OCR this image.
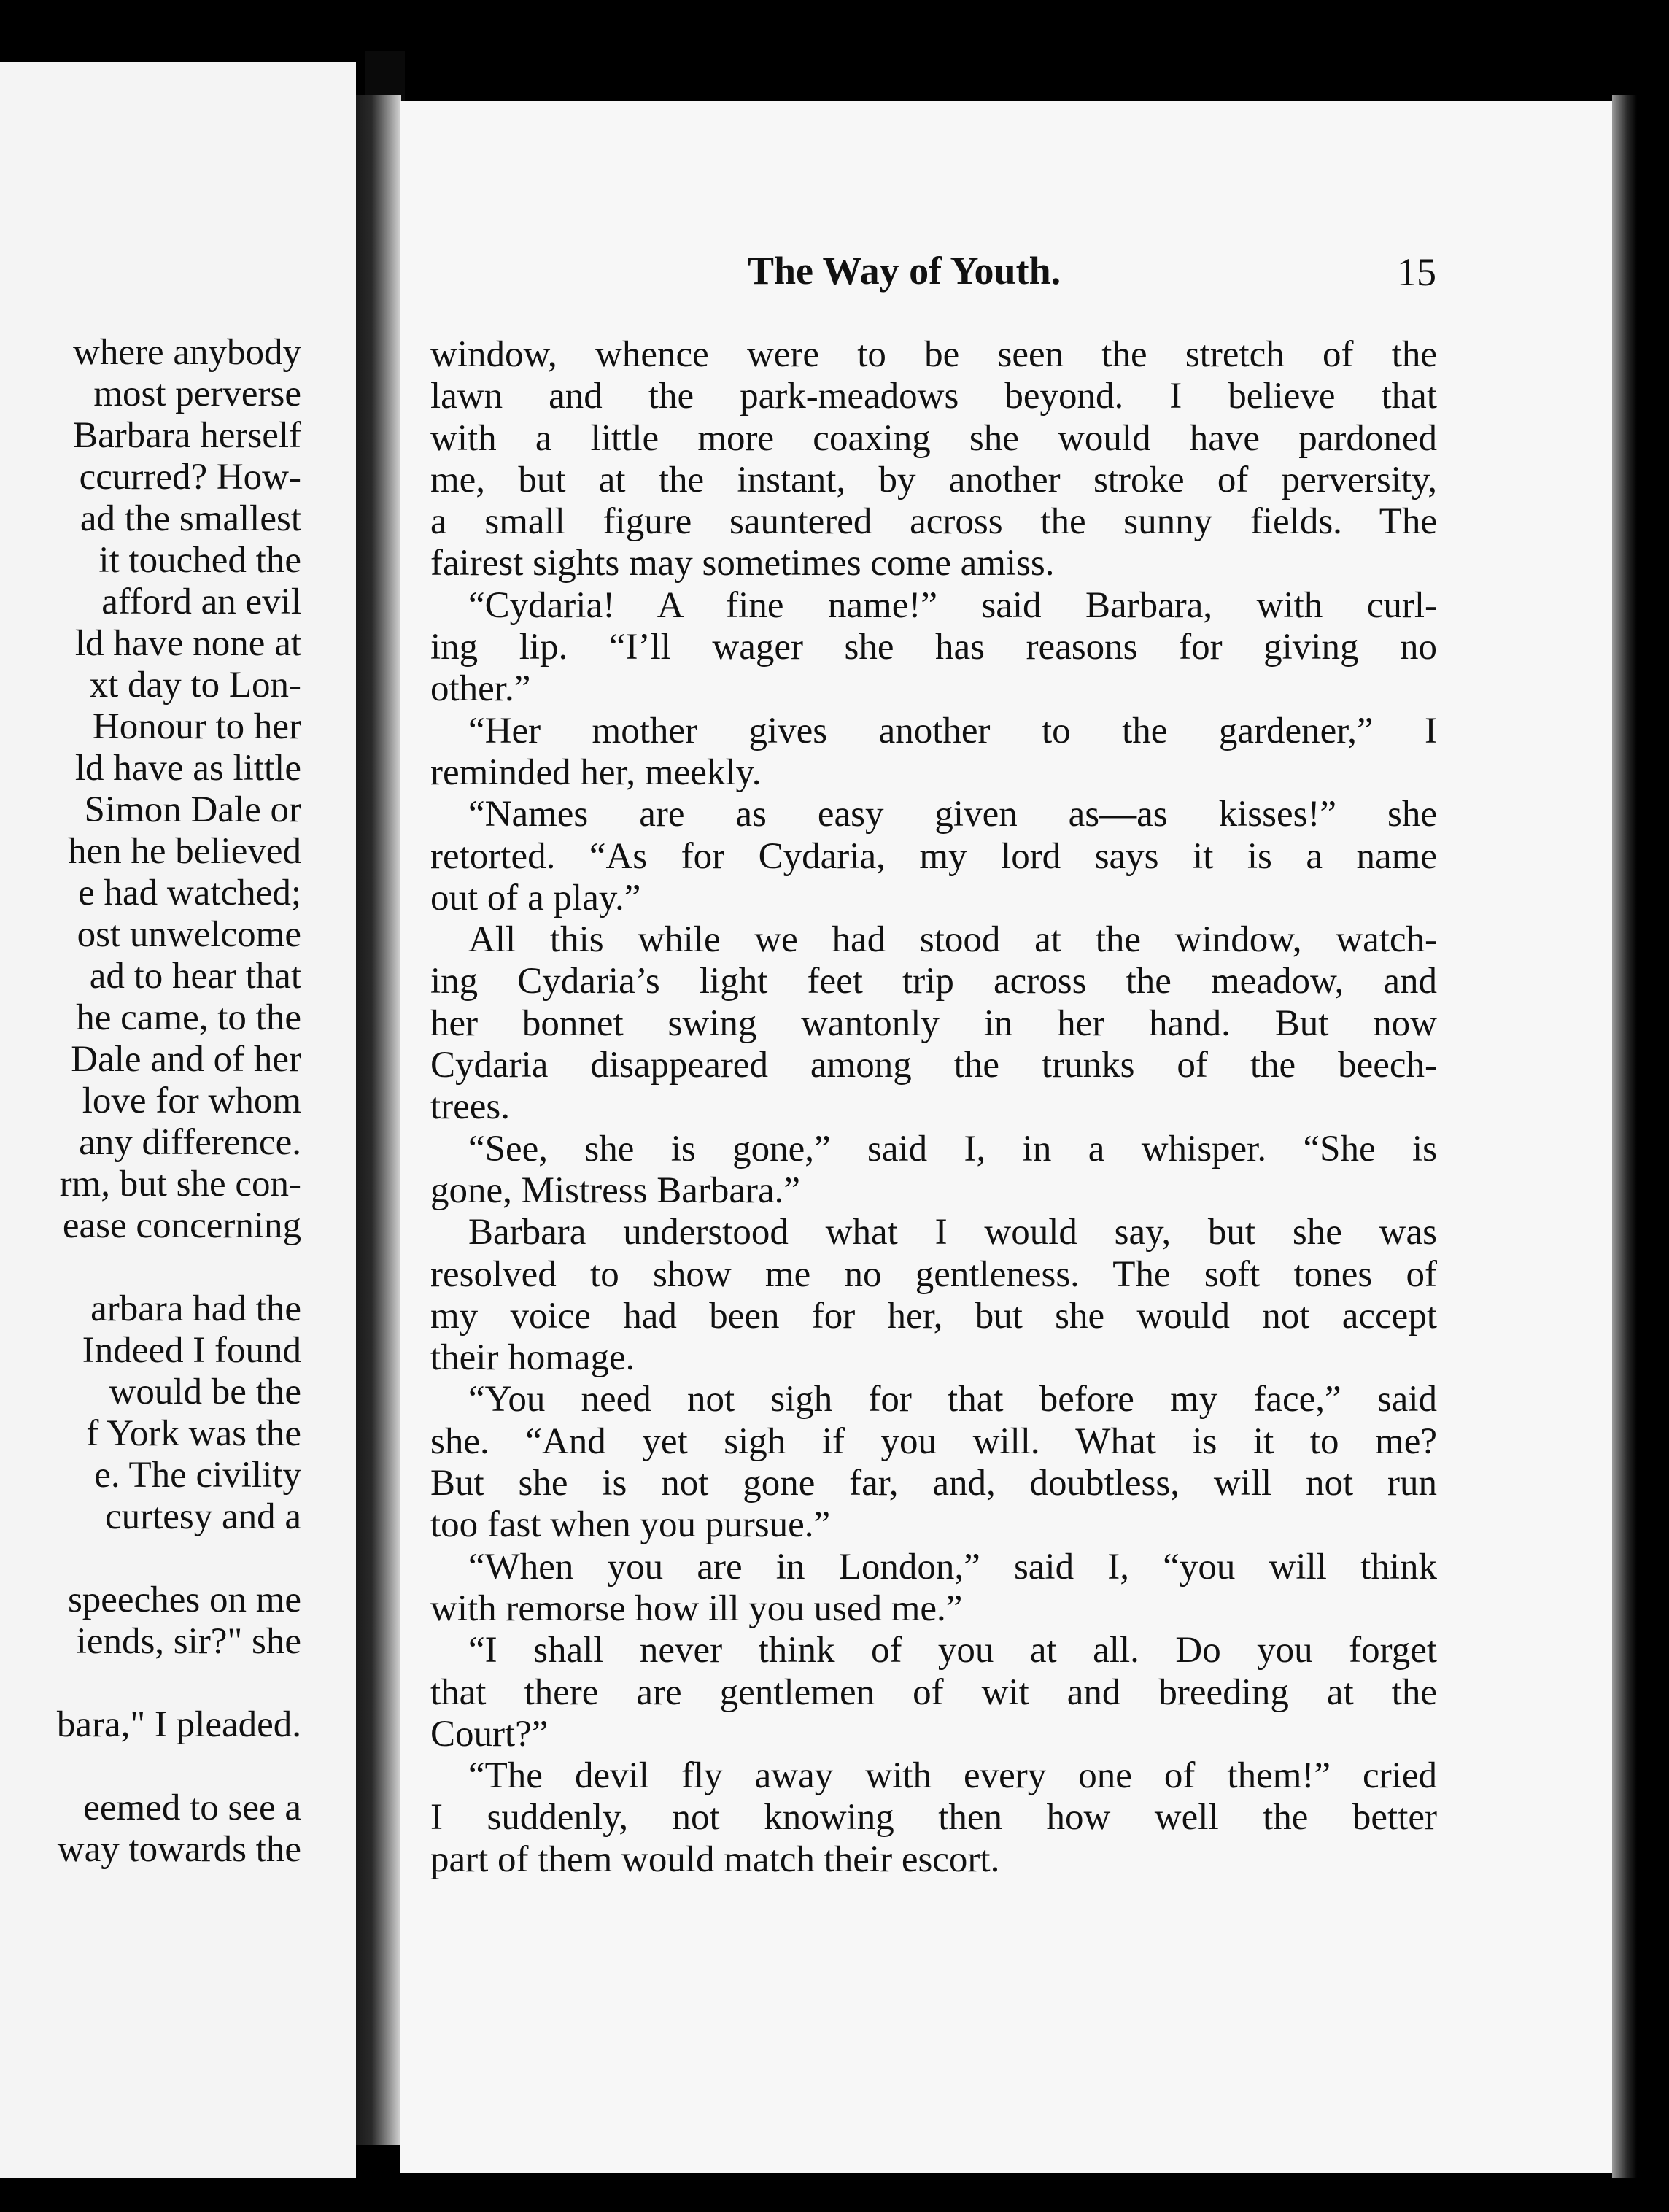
where anybody
most perverse
Barbara herself
ccurred? How-
ad the smallest
it touched the
afford an evil
ld have none at
xt day to Lon-
Honour to her
ld have as little
Simon Dale or
hen he believed
e had watched;
ost unwelcome
ad to hear that
he came, to the
Dale and of her
love for whom
any difference.
rm, but she con-
ease concerning
arbara had the
Indeed I found
would be the
f York was the
e. The civility
curtesy and a
speeches on me
iends, sir?" she
bara," I pleaded.
eemed to see a
way towards the
The Way of Youth.	15
window, whence were to be seen the stretch of the
lawn and the park-meadows beyond. I believe that
with a little more coaxing she would have pardoned
me, but at the instant, by another stroke of perversity,
a small figure sauntered across the sunny fields. The
fairest sights may sometimes come amiss.
“Cydaria! A fine name!” said Barbara, with curl-
ing lip. “I’ll wager she has reasons for giving no
other.”
“Her mother gives another to the gardener,” I
reminded her, meekly.
“Names are as easy given as—as kisses!” she
retorted. “As for Cydaria, my lord says it is a name
out of a play.”
All this while we had stood at the window, watch-
ing Cydaria’s light feet trip across the meadow, and
her bonnet swing wantonly in her hand. But now
Cydaria disappeared among the trunks of the beech-
trees.
“See, she is gone,” said I, in a whisper. “She is
gone, Mistress Barbara.”
Barbara understood what I would say, but she was
resolved to show me no gentleness. The soft tones of
my voice had been for her, but she would not accept
their homage.
“You need not sigh for that before my face,” said
she. “And yet sigh if you will. What is it to me?
But she is not gone far, and, doubtless, will not run
too fast when you pursue.”
“When you are in London,” said I, “you will think
with remorse how ill you used me.”
“I shall never think of you at all. Do you forget
that there are gentlemen of wit and breeding at the
Court?”
“The devil fly away with every one of them!” cried
I suddenly, not knowing then how well the better
part of them would match their escort.
